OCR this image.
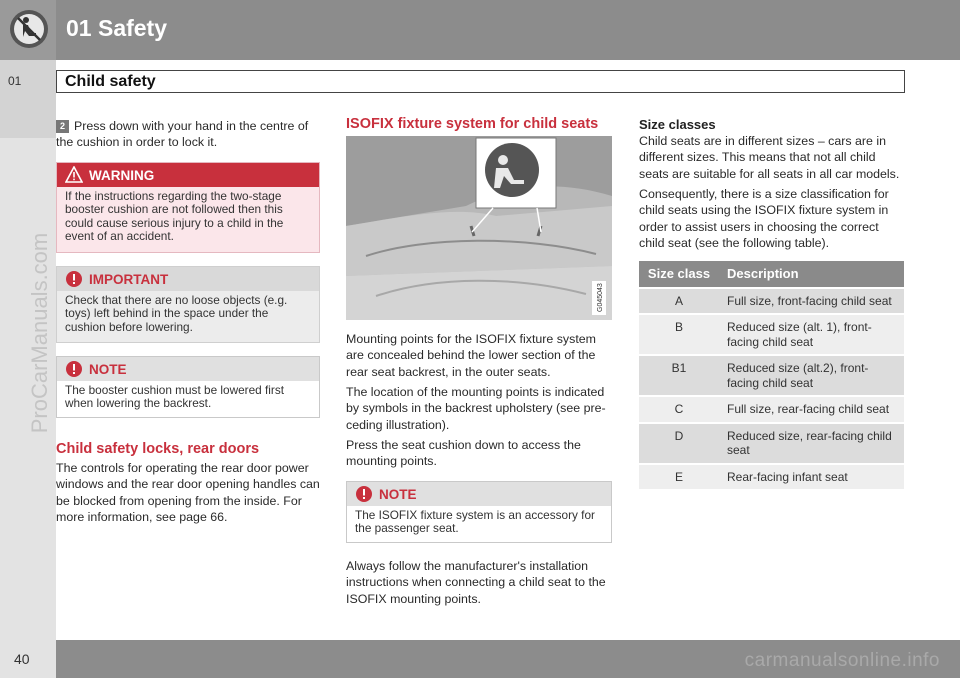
01 Safety
01
ProCarManuals.com
Child safety
2 Press down with your hand in the centre of the cushion in order to lock it.
WARNING
If the instructions regarding the two-stage booster cushion are not followed then this could cause serious injury to a child in the event of an accident.
IMPORTANT
Check that there are no loose objects (e.g. toys) left behind in the space under the cushion before lowering.
NOTE
The booster cushion must be lowered first when lowering the backrest.
Child safety locks, rear doors
The controls for operating the rear door power windows and the rear door opening handles can be blocked from opening from the inside. For more information, see page 66.
ISOFIX fixture system for child seats
G045043
Mounting points for the ISOFIX fixture system are concealed behind the lower section of the rear seat backrest, in the outer seats.
The location of the mounting points is indicated by symbols in the backrest upholstery (see pre-ceding illustration).
Press the seat cushion down to access the mounting points.
NOTE
The ISOFIX fixture system is an accessory for the passenger seat.
Always follow the manufacturer's installation instructions when connecting a child seat to the ISOFIX mounting points.
Size classes
Child seats are in different sizes – cars are in different sizes. This means that not all child seats are suitable for all seats in all car models.
Consequently, there is a size classification for child seats using the ISOFIX fixture system in order to assist users in choosing the correct child seat (see the following table).
Size class	Description
A	Full size, front-facing child seat
B	Reduced size (alt. 1), front-facing child seat
B1	Reduced size (alt.2), front-facing child seat
C	Full size, rear-facing child seat
D	Reduced size, rear-facing child seat
E	Rear-facing infant seat
40	carmanualsonline.info
